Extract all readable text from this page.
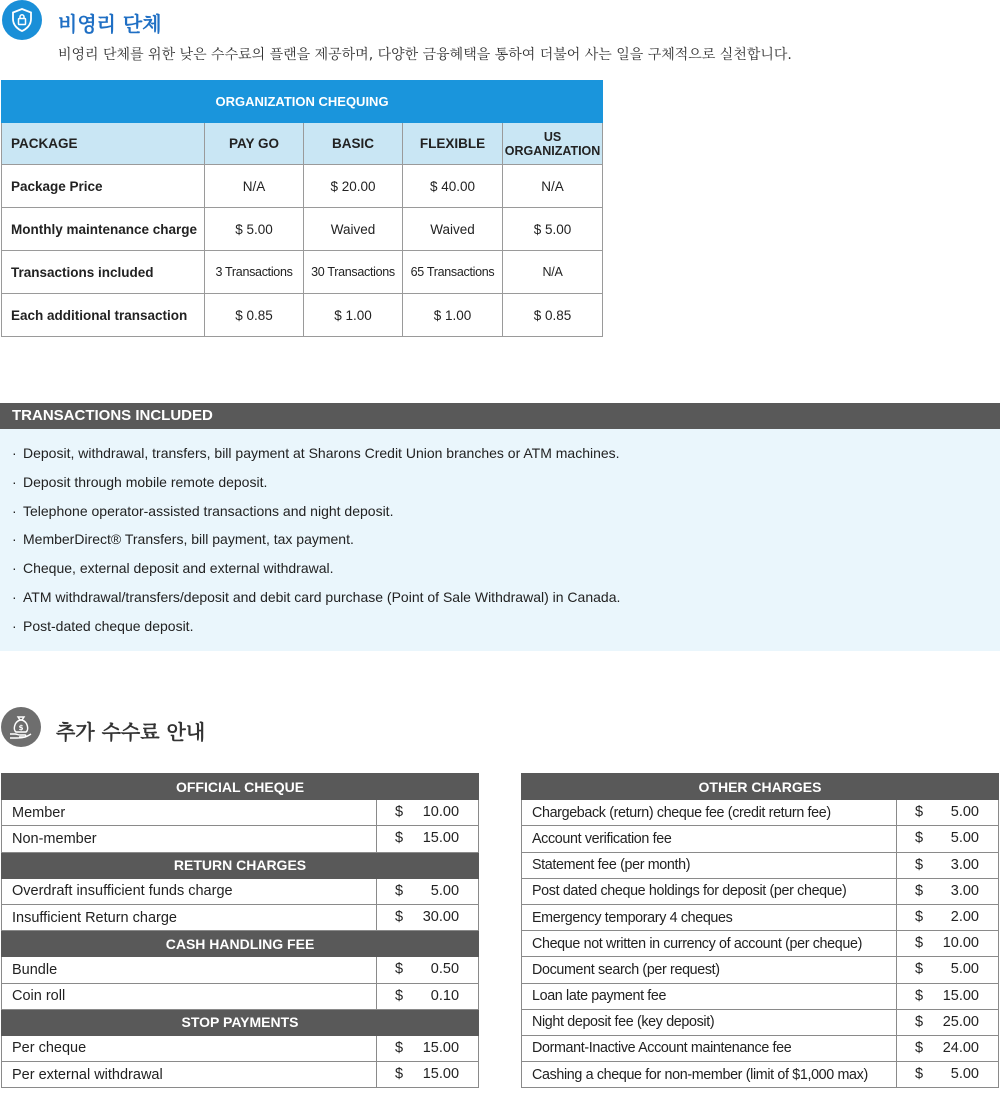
비영리 단체
비영리 단체를 위한 낮은 수수료의 플랜을 제공하며, 다양한 금융혜택을 통하여 더불어 사는 일을 구체적으로 실천합니다.
ORGANIZATION CHEQUING				
PACKAGE	PAY GO	BASIC	FLEXIBLE	US ORGANIZATION
Package Price	N/A	$ 20.00	$ 40.00	N/A
Monthly maintenance charge	$ 5.00	Waived	Waived	$ 5.00
Transactions included	3 Transactions	30 Transactions	65 Transactions	N/A
Each additional transaction	$ 0.85	$ 1.00	$ 1.00	$ 0.85
TRANSACTIONS INCLUDED
· Deposit, withdrawal, transfers, bill payment at Sharons Credit Union branches or ATM machines.
· Deposit through mobile remote deposit.
· Telephone operator-assisted transactions and night deposit.
· MemberDirect® Transfers, bill payment, tax payment.
· Cheque, external deposit and external withdrawal.
· ATM withdrawal/transfers/deposit and debit card purchase (Point of Sale Withdrawal) in Canada.
· Post-dated cheque deposit.
$ 추가 수수료 안내
OFFICIAL CHEQUE	
Member	$ 10.00

Non-member	$ 15.00

RETURN CHARGES	
Overdraft insufficient funds charge	$ 5.00

Insufficient Return charge	$ 30.00

CASH HANDLING FEE	
Bundle	$ 0.50

Coin roll	$ 0.10

STOP PAYMENTS	
Per cheque	$ 15.00

Per external withdrawal	$ 15.00
OTHER CHARGES	
Chargeback (return) cheque fee (credit return fee)	$ 5.00

Account verification fee	$ 5.00

Statement fee (per month)	$ 3.00

Post dated cheque holdings for deposit (per cheque)	$ 3.00

Emergency temporary 4 cheques	$ 2.00

Cheque not written in currency of account (per cheque)	$ 10.00

Document search (per request)	$ 5.00

Loan late payment fee	$ 15.00

Night deposit fee (key deposit)	$ 25.00

Dormant-Inactive Account maintenance fee	$ 24.00

Cashing a cheque for non-member (limit of $1,000 max)	$ 5.00
